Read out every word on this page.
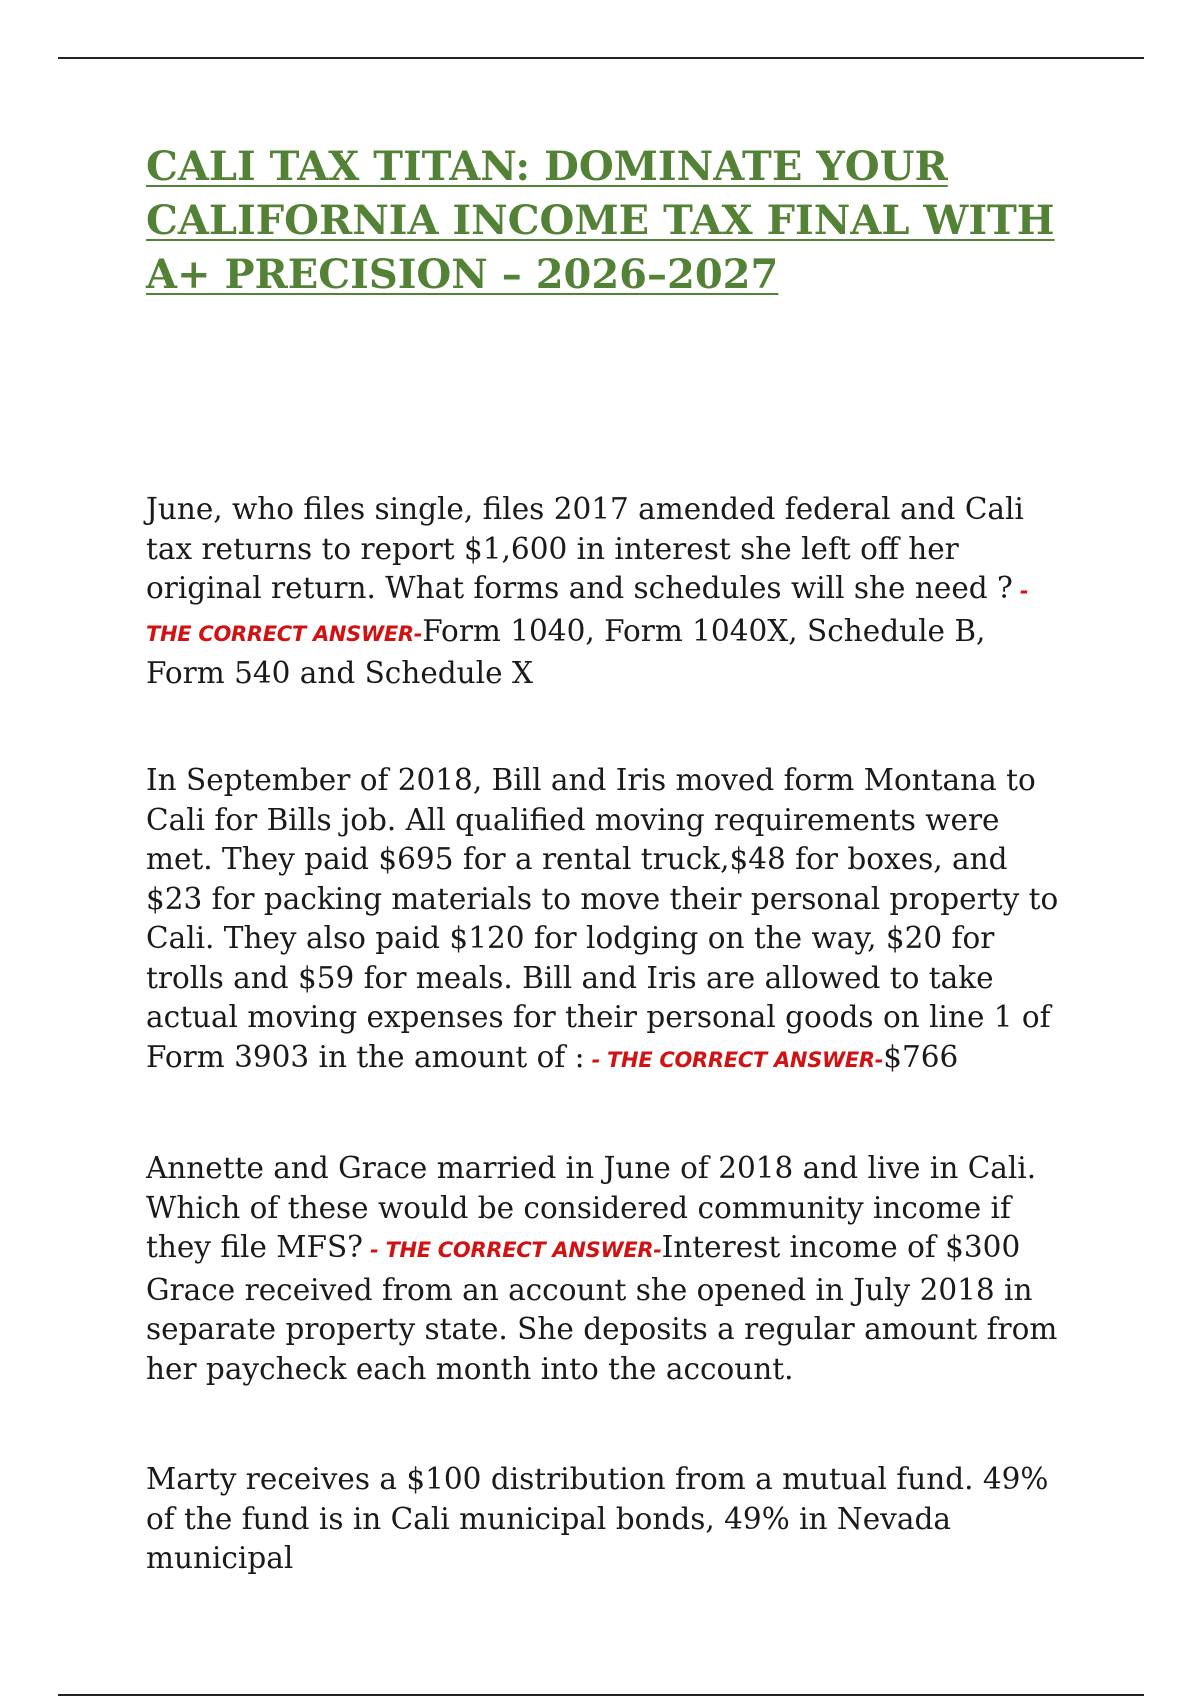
CALI TAX TITAN: DOMINATE YOUR CALIFORNIA INCOME TAX FINAL WITH A+ PRECISION – 2026–2027

June, who files single, files 2017 amended federal and Cali tax returns to report $1,600 in interest she left off her original return. What forms and schedules will she need ? - THE CORRECT ANSWER-Form 1040, Form 1040X, Schedule B, Form 540 and Schedule X

In September of 2018, Bill and Iris moved form Montana to Cali for Bills job. All qualified moving requirements were met. They paid $695 for a rental truck,$48 for boxes, and $23 for packing materials to move their personal property to Cali. They also paid $120 for lodging on the way, $20 for trolls and $59 for meals. Bill and Iris are allowed to take actual moving expenses for their personal goods on line 1 of Form 3903 in the amount of : - THE CORRECT ANSWER-$766

Annette and Grace married in June of 2018 and live in Cali. Which of these would be considered community income if they file MFS? - THE CORRECT ANSWER-Interest income of $300 Grace received from an account she opened in July 2018 in separate property state. She deposits a regular amount from her paycheck each month into the account.

Marty receives a $100 distribution from a mutual fund. 49% of the fund is in Cali municipal bonds, 49% in Nevada municipal
